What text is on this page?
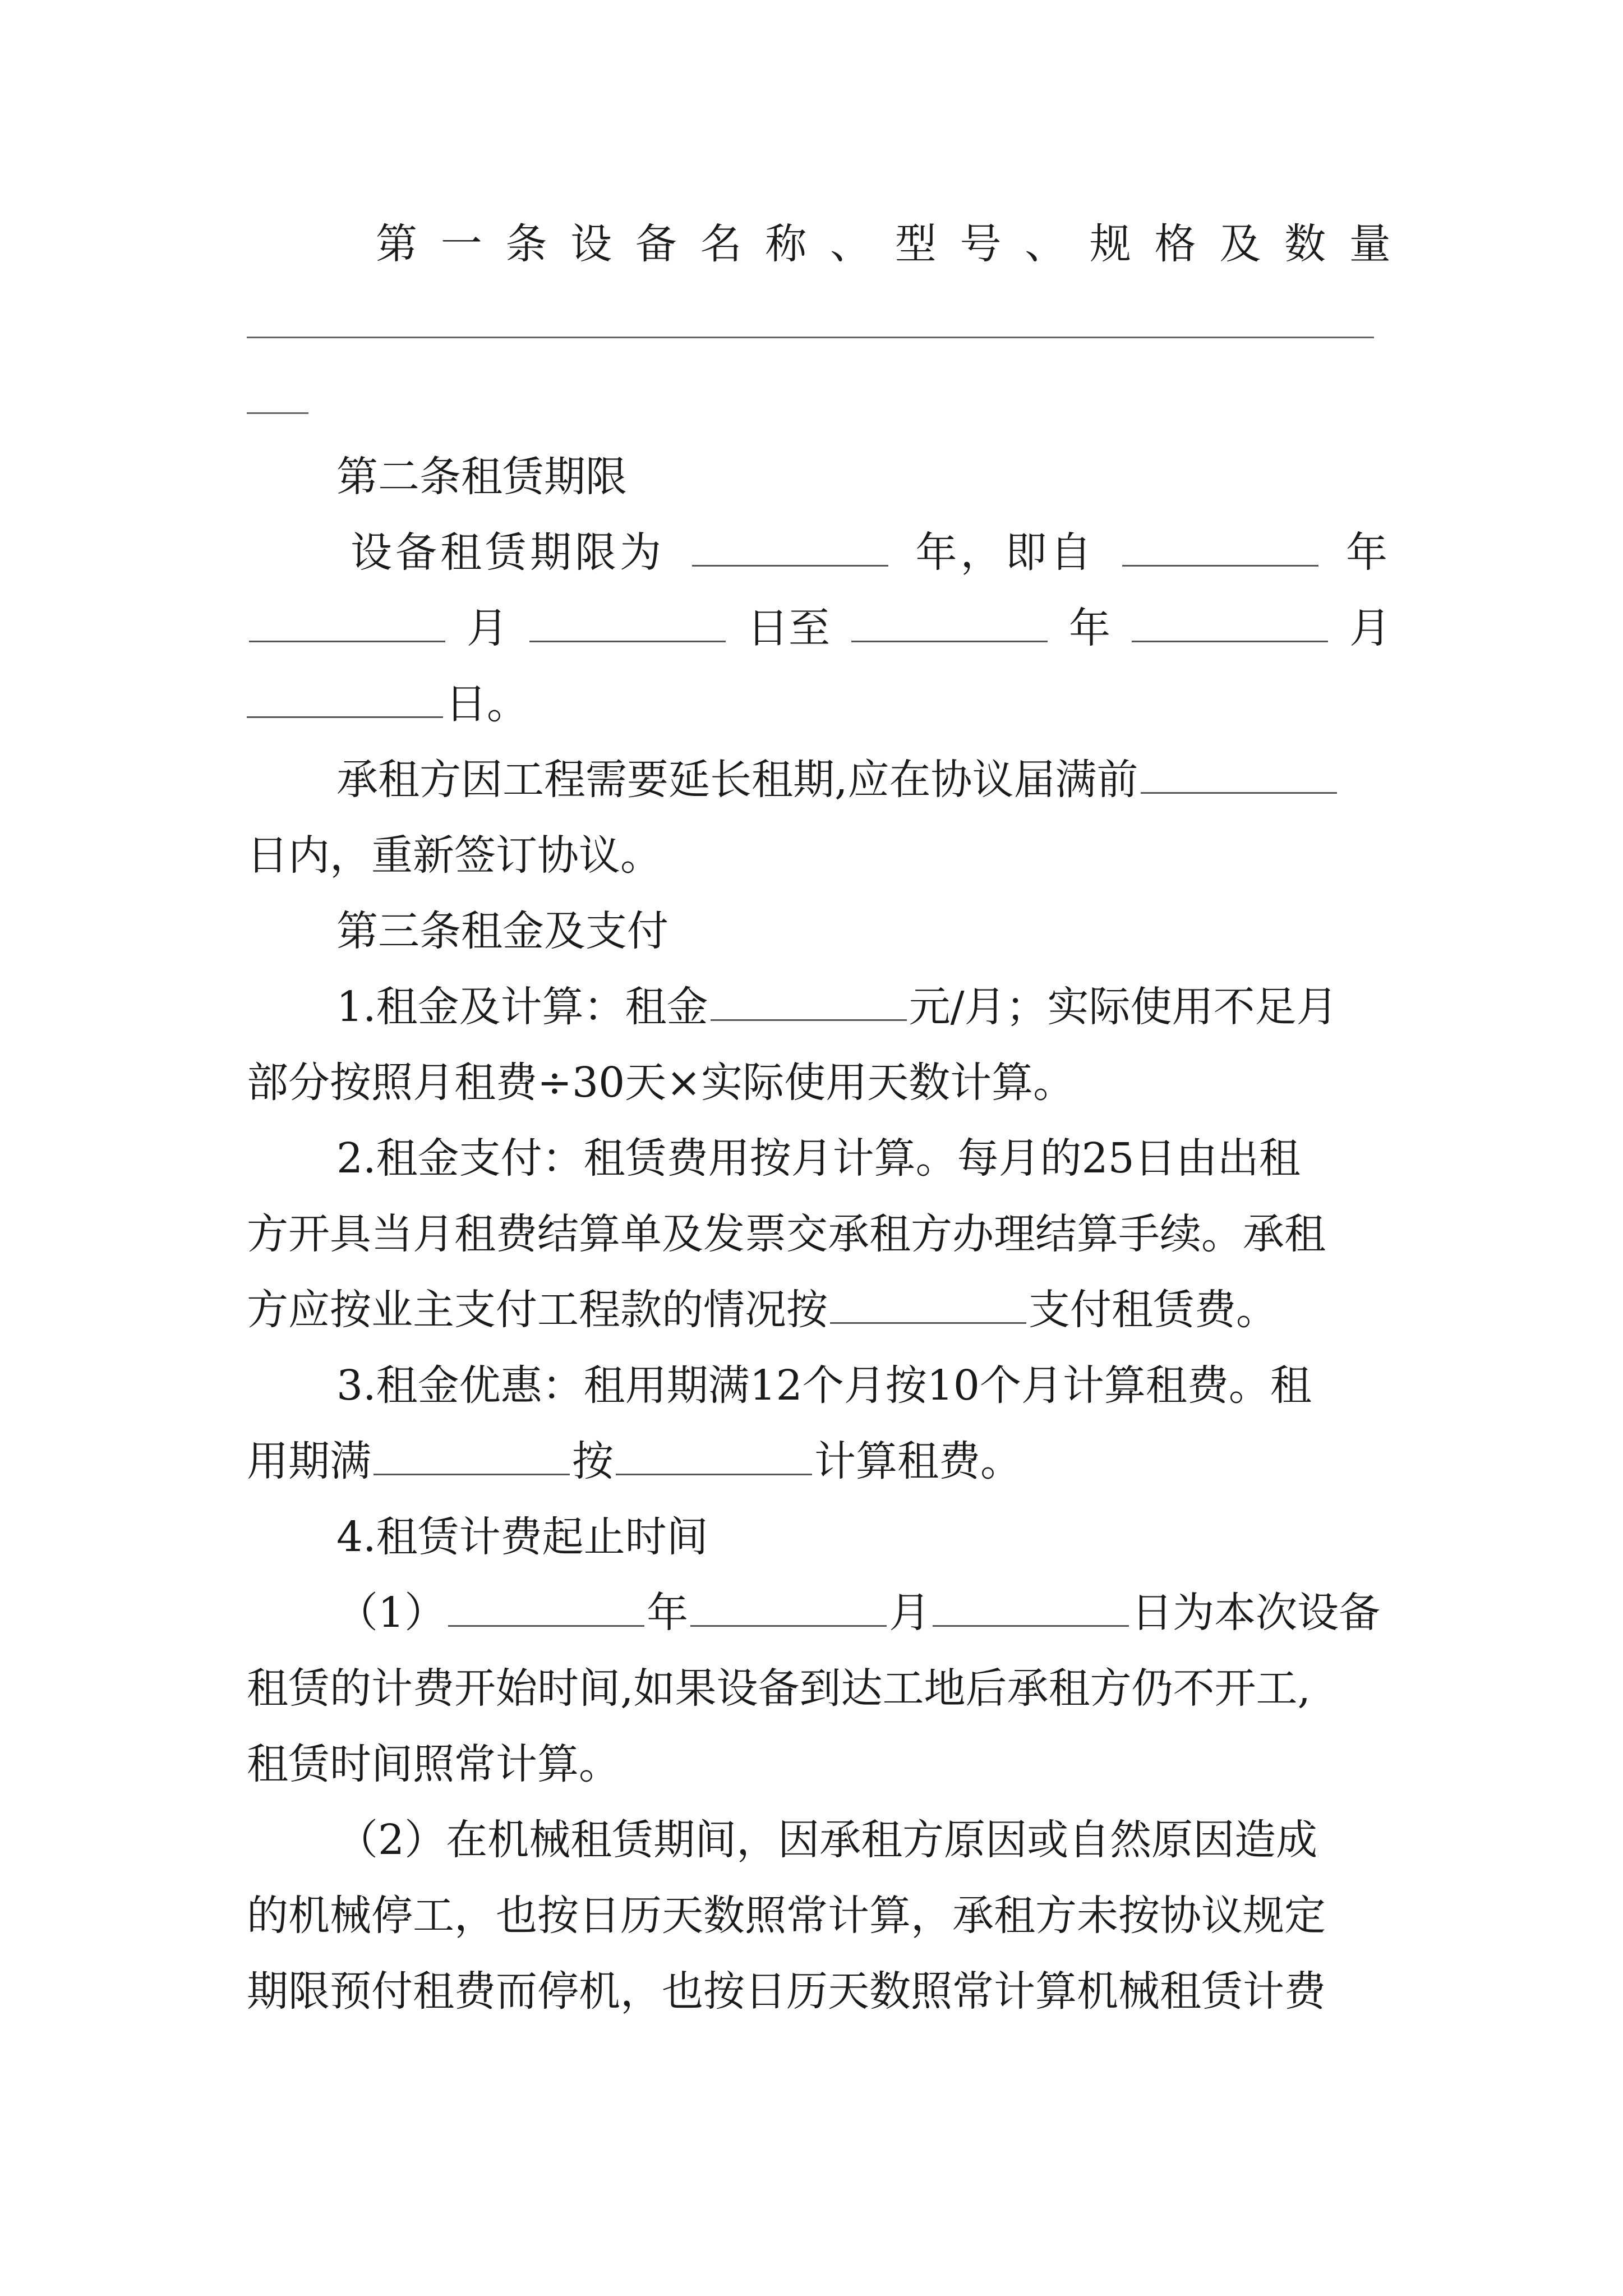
第 一 条 设 备 名 称 、 型 号 、 规 格 及 数 量
第二条租赁期限
设备租赁期限为	年，即自	年
月	日至	年	月
日。
承租方因工程需要延长租期,应在协议届满前
日内，重新签订协议。
第三条租金及支付
1.租金及计算：租金	元/月；实际使用不足月
部分按照月租费÷30天×实际使用天数计算。
2.租金支付：租赁费用按月计算。每月的25日由出租
方开具当月租费结算单及发票交承租方办理结算手续。承租
方应按业主支付工程款的情况按	支付租赁费。
3.租金优惠：租用期满12个月按10个月计算租费。租
用期满	按	计算租费。
4.租赁计费起止时间
（1）	年	月	日为本次设备
租赁的计费开始时间,如果设备到达工地后承租方仍不开工,
租赁时间照常计算。
（2）在机械租赁期间，因承租方原因或自然原因造成
的机械停工，也按日历天数照常计算，承租方未按协议规定
期限预付租费而停机，也按日历天数照常计算机械租赁计费
